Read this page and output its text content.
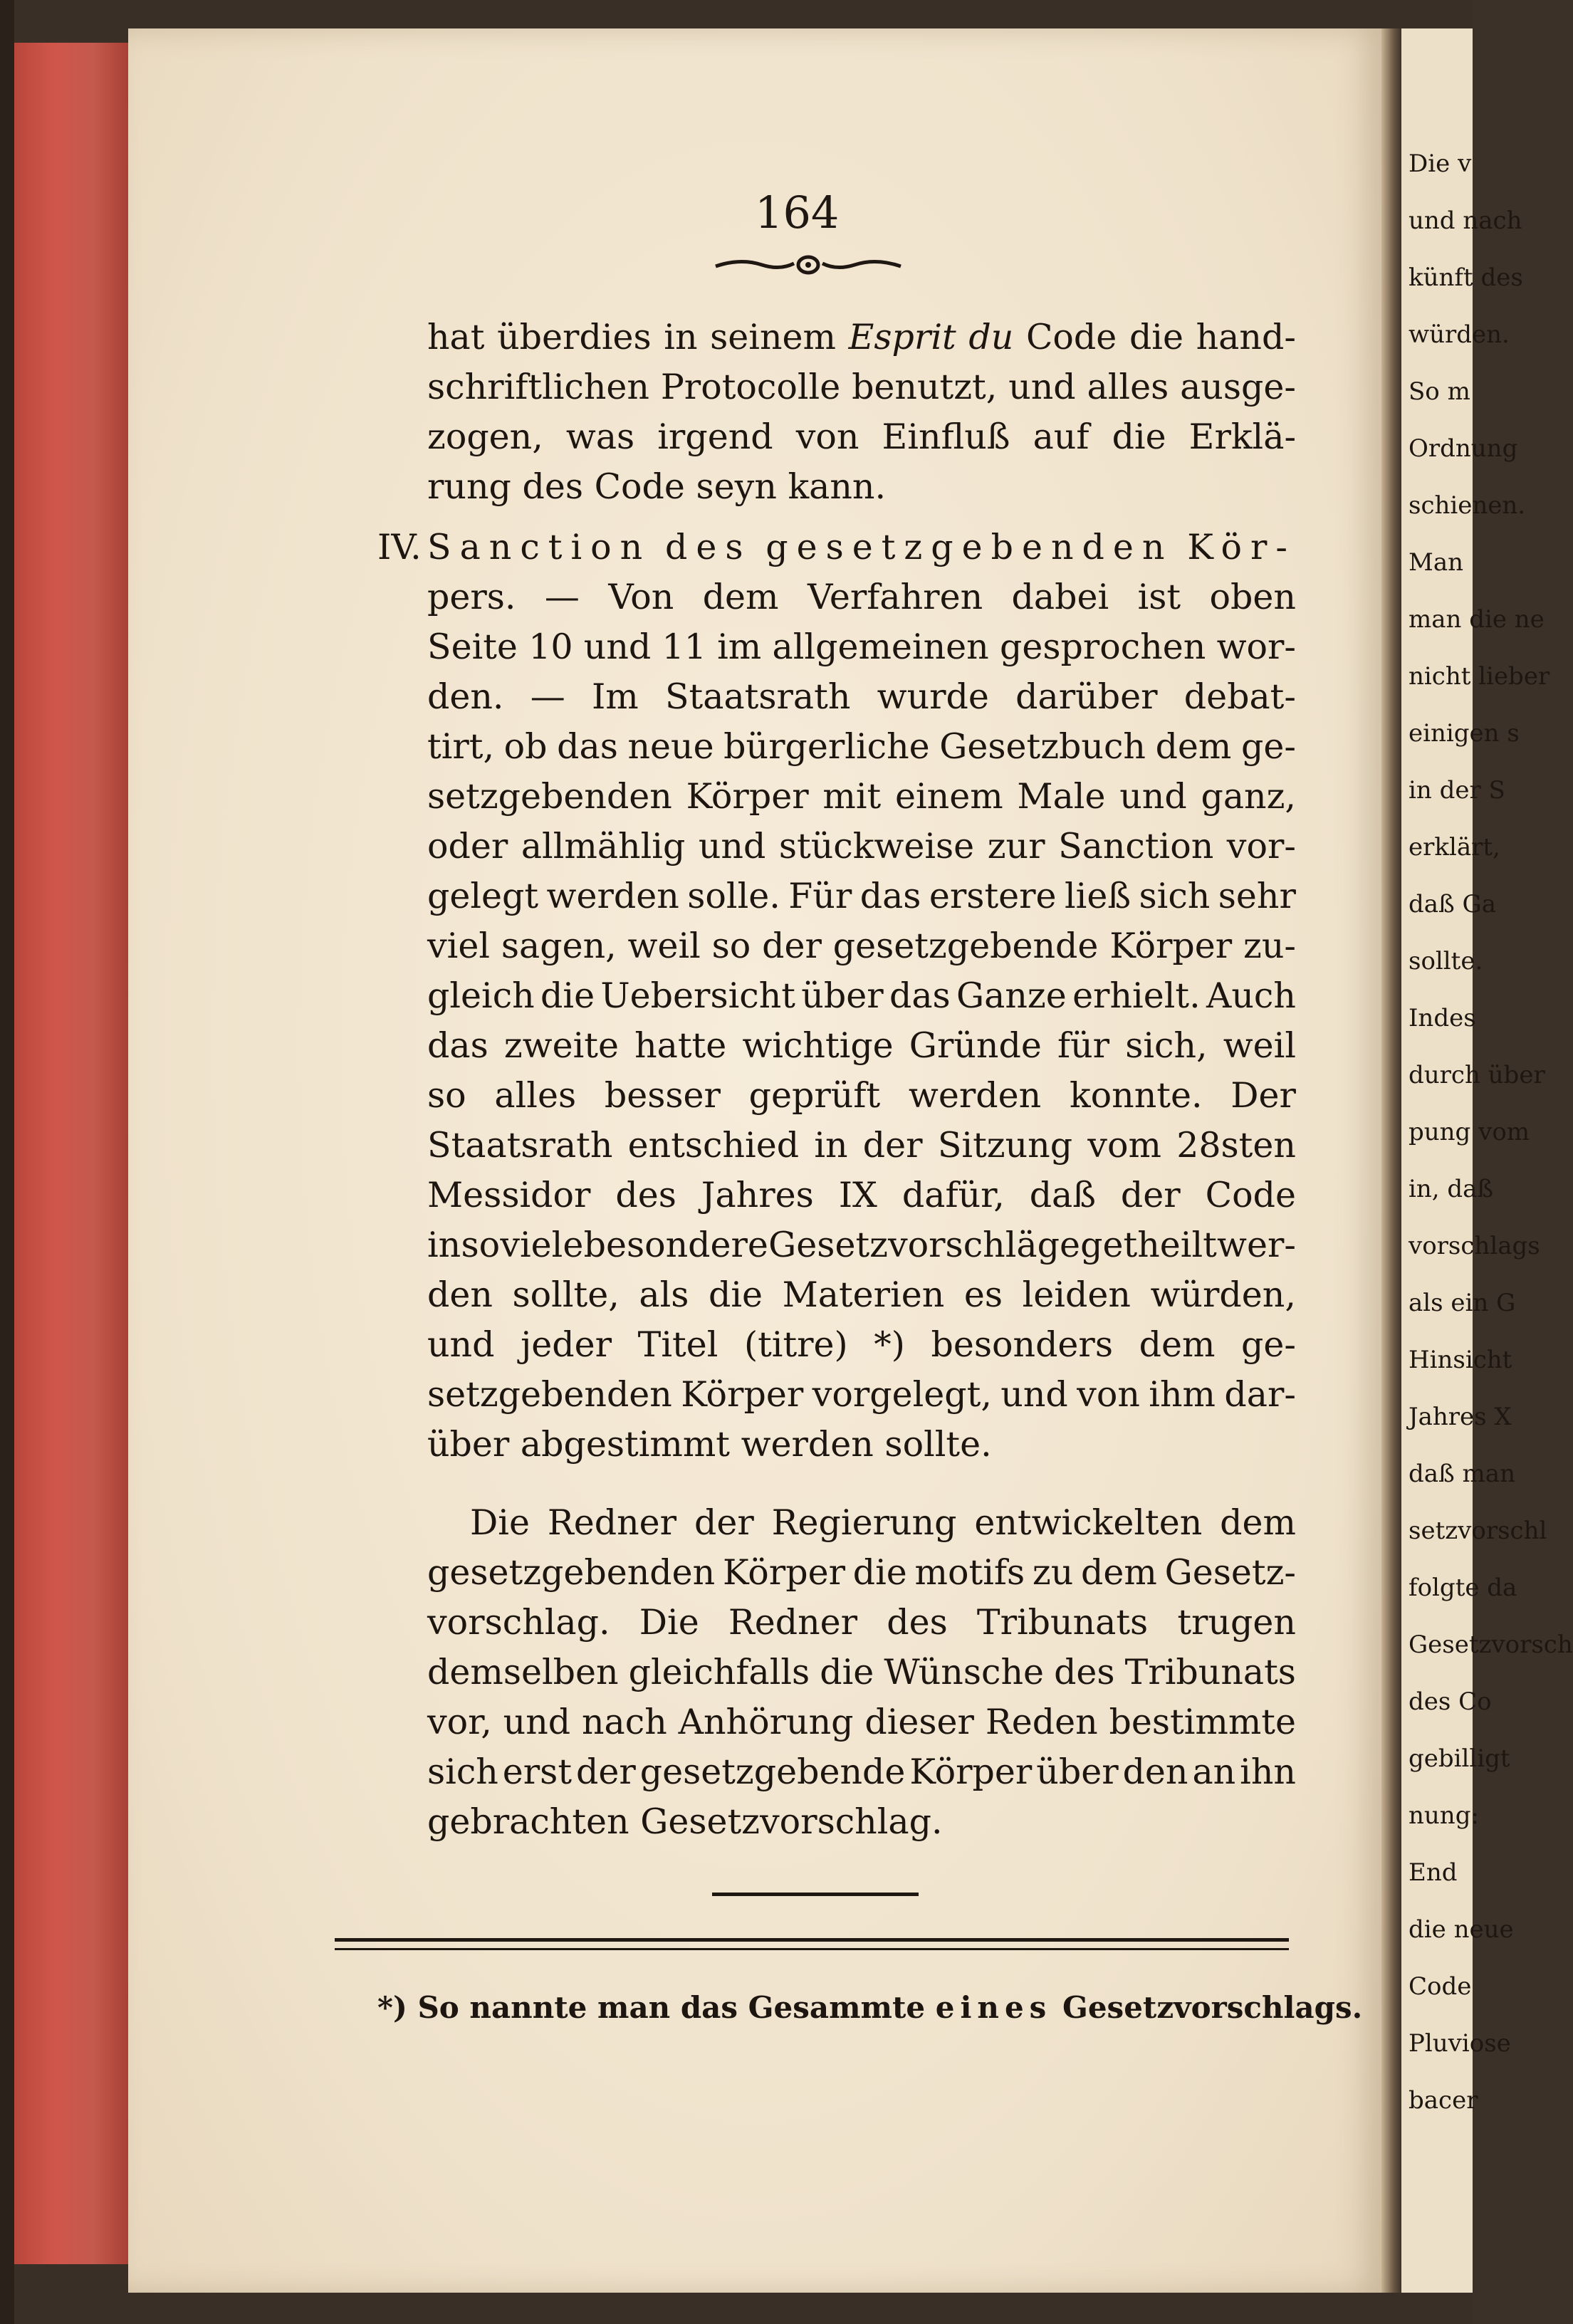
Die v
und nach
künft des
würden.
So m
Ordnung
schienen.
Man
man die ne
nicht lieber
einigen s
in der S
erklärt,
daß Ga
sollte.
Indes
durch über
pung vom
in, daß
vorschlags
als ein G
Hinsicht
Jahres X
daß man
setzvorschl
folgte da
Gesetzvorsch
des Co
gebilligt
nung:
End
die neue
Code
Pluviose
bacer
164
hat überdies in seinem Esprit du Code die hand-
schriftlichen Protocolle benutzt, und alles ausge-
zogen, was irgend von Einfluß auf die Erklä-
rung des Code seyn kann.
IV. Sanction des gesetzgebenden Kör-
pers. — Von dem Verfahren dabei ist oben
Seite 10 und 11 im allgemeinen gesprochen wor-
den. — Im Staatsrath wurde darüber debat-
tirt, ob das neue bürgerliche Gesetzbuch dem ge-
setzgebenden Körper mit einem Male und ganz,
oder allmählig und stückweise zur Sanction vor-
gelegt werden solle. Für das erstere ließ sich sehr
viel sagen, weil so der gesetzgebende Körper zu-
gleich die Uebersicht über das Ganze erhielt. Auch
das zweite hatte wichtige Gründe für sich, weil
so alles besser geprüft werden konnte. Der
Staatsrath entschied in der Sitzung vom 28sten
Messidor des Jahres IX dafür, daß der Code
in so viele besondere Gesetzvorschläge getheilt wer-
den sollte, als die Materien es leiden würden,
und jeder Titel (titre) *) besonders dem ge-
setzgebenden Körper vorgelegt, und von ihm dar-
über abgestimmt werden sollte.
Die Redner der Regierung entwickelten dem
gesetzgebenden Körper die motifs zu dem Gesetz-
vorschlag. Die Redner des Tribunats trugen
demselben gleichfalls die Wünsche des Tribunats
vor, und nach Anhörung dieser Reden bestimmte
sich erst der gesetzgebende Körper über den an ihn
gebrachten Gesetzvorschlag.
*) So nannte man das Gesammte eines Gesetzvorschlags.
